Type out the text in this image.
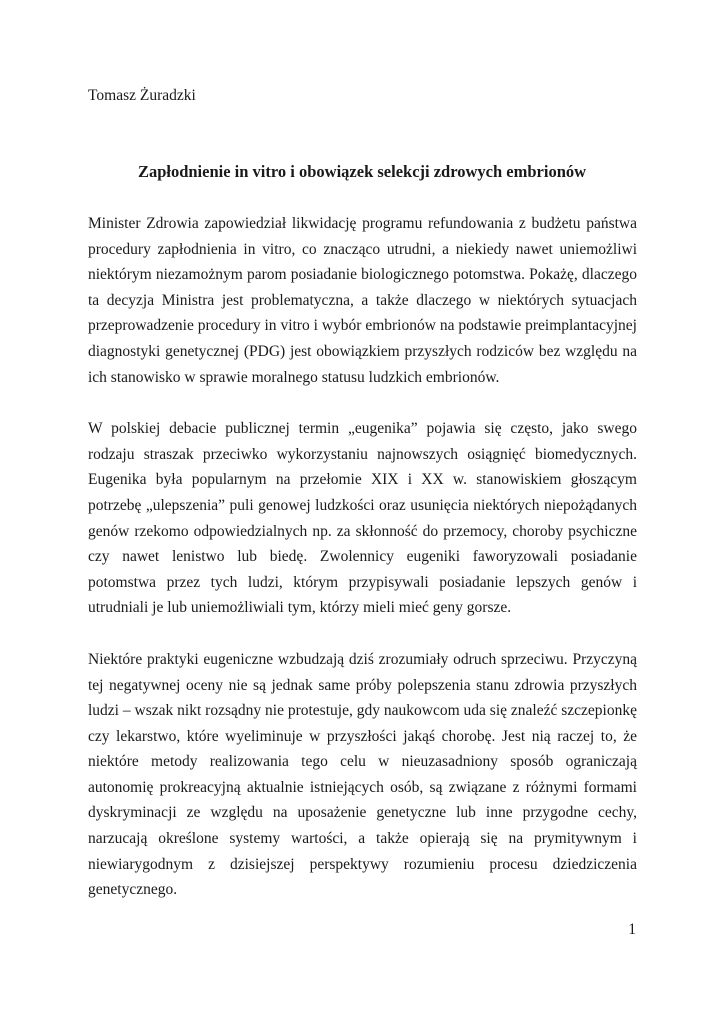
Tomasz Żuradzki

Zapłodnienie in vitro i obowiązek selekcji zdrowych embrionów

Minister Zdrowia zapowiedział likwidację programu refundowania z budżetu państwa procedury zapłodnienia in vitro, co znacząco utrudni, a niekiedy nawet uniemożliwi niektórym niezamożnym parom posiadanie biologicznego potomstwa. Pokażę, dlaczego ta decyzja Ministra jest problematyczna, a także dlaczego w niektórych sytuacjach przeprowadzenie procedury in vitro i wybór embrionów na podstawie preimplantacyjnej diagnostyki genetycznej (PDG) jest obowiązkiem przyszłych rodziców bez względu na ich stanowisko w sprawie moralnego statusu ludzkich embrionów.

W polskiej debacie publicznej termin „eugenika” pojawia się często, jako swego rodzaju straszak przeciwko wykorzystaniu najnowszych osiągnięć biomedycznych. Eugenika była popularnym na przełomie XIX i XX w. stanowiskiem głoszącym potrzebę „ulepszenia” puli genowej ludzkości oraz usunięcia niektórych niepożądanych genów rzekomo odpowiedzialnych np. za skłonność do przemocy, choroby psychiczne czy nawet lenistwo lub biedę. Zwolennicy eugeniki faworyzowali posiadanie potomstwa przez tych ludzi, którym przypisywali posiadanie lepszych genów i utrudniali je lub uniemożliwiali tym, którzy mieli mieć geny gorsze.

Niektóre praktyki eugeniczne wzbudzają dziś zrozumiały odruch sprzeciwu. Przyczyną tej negatywnej oceny nie są jednak same próby polepszenia stanu zdrowia przyszłych ludzi – wszak nikt rozsądny nie protestuje, gdy naukowcom uda się znaleźć szczepionkę czy lekarstwo, które wyeliminuje w przyszłości jakąś chorobę. Jest nią raczej to, że niektóre metody realizowania tego celu w nieuzasadniony sposób ograniczają autonomię prokreacyjną aktualnie istniejących osób, są związane z różnymi formami dyskryminacji ze względu na uposażenie genetyczne lub inne przygodne cechy, narzucają określone systemy wartości, a także opierają się na prymitywnym i niewiarygodnym z dzisiejszej perspektywy rozumieniu procesu dziedziczenia genetycznego.

1
